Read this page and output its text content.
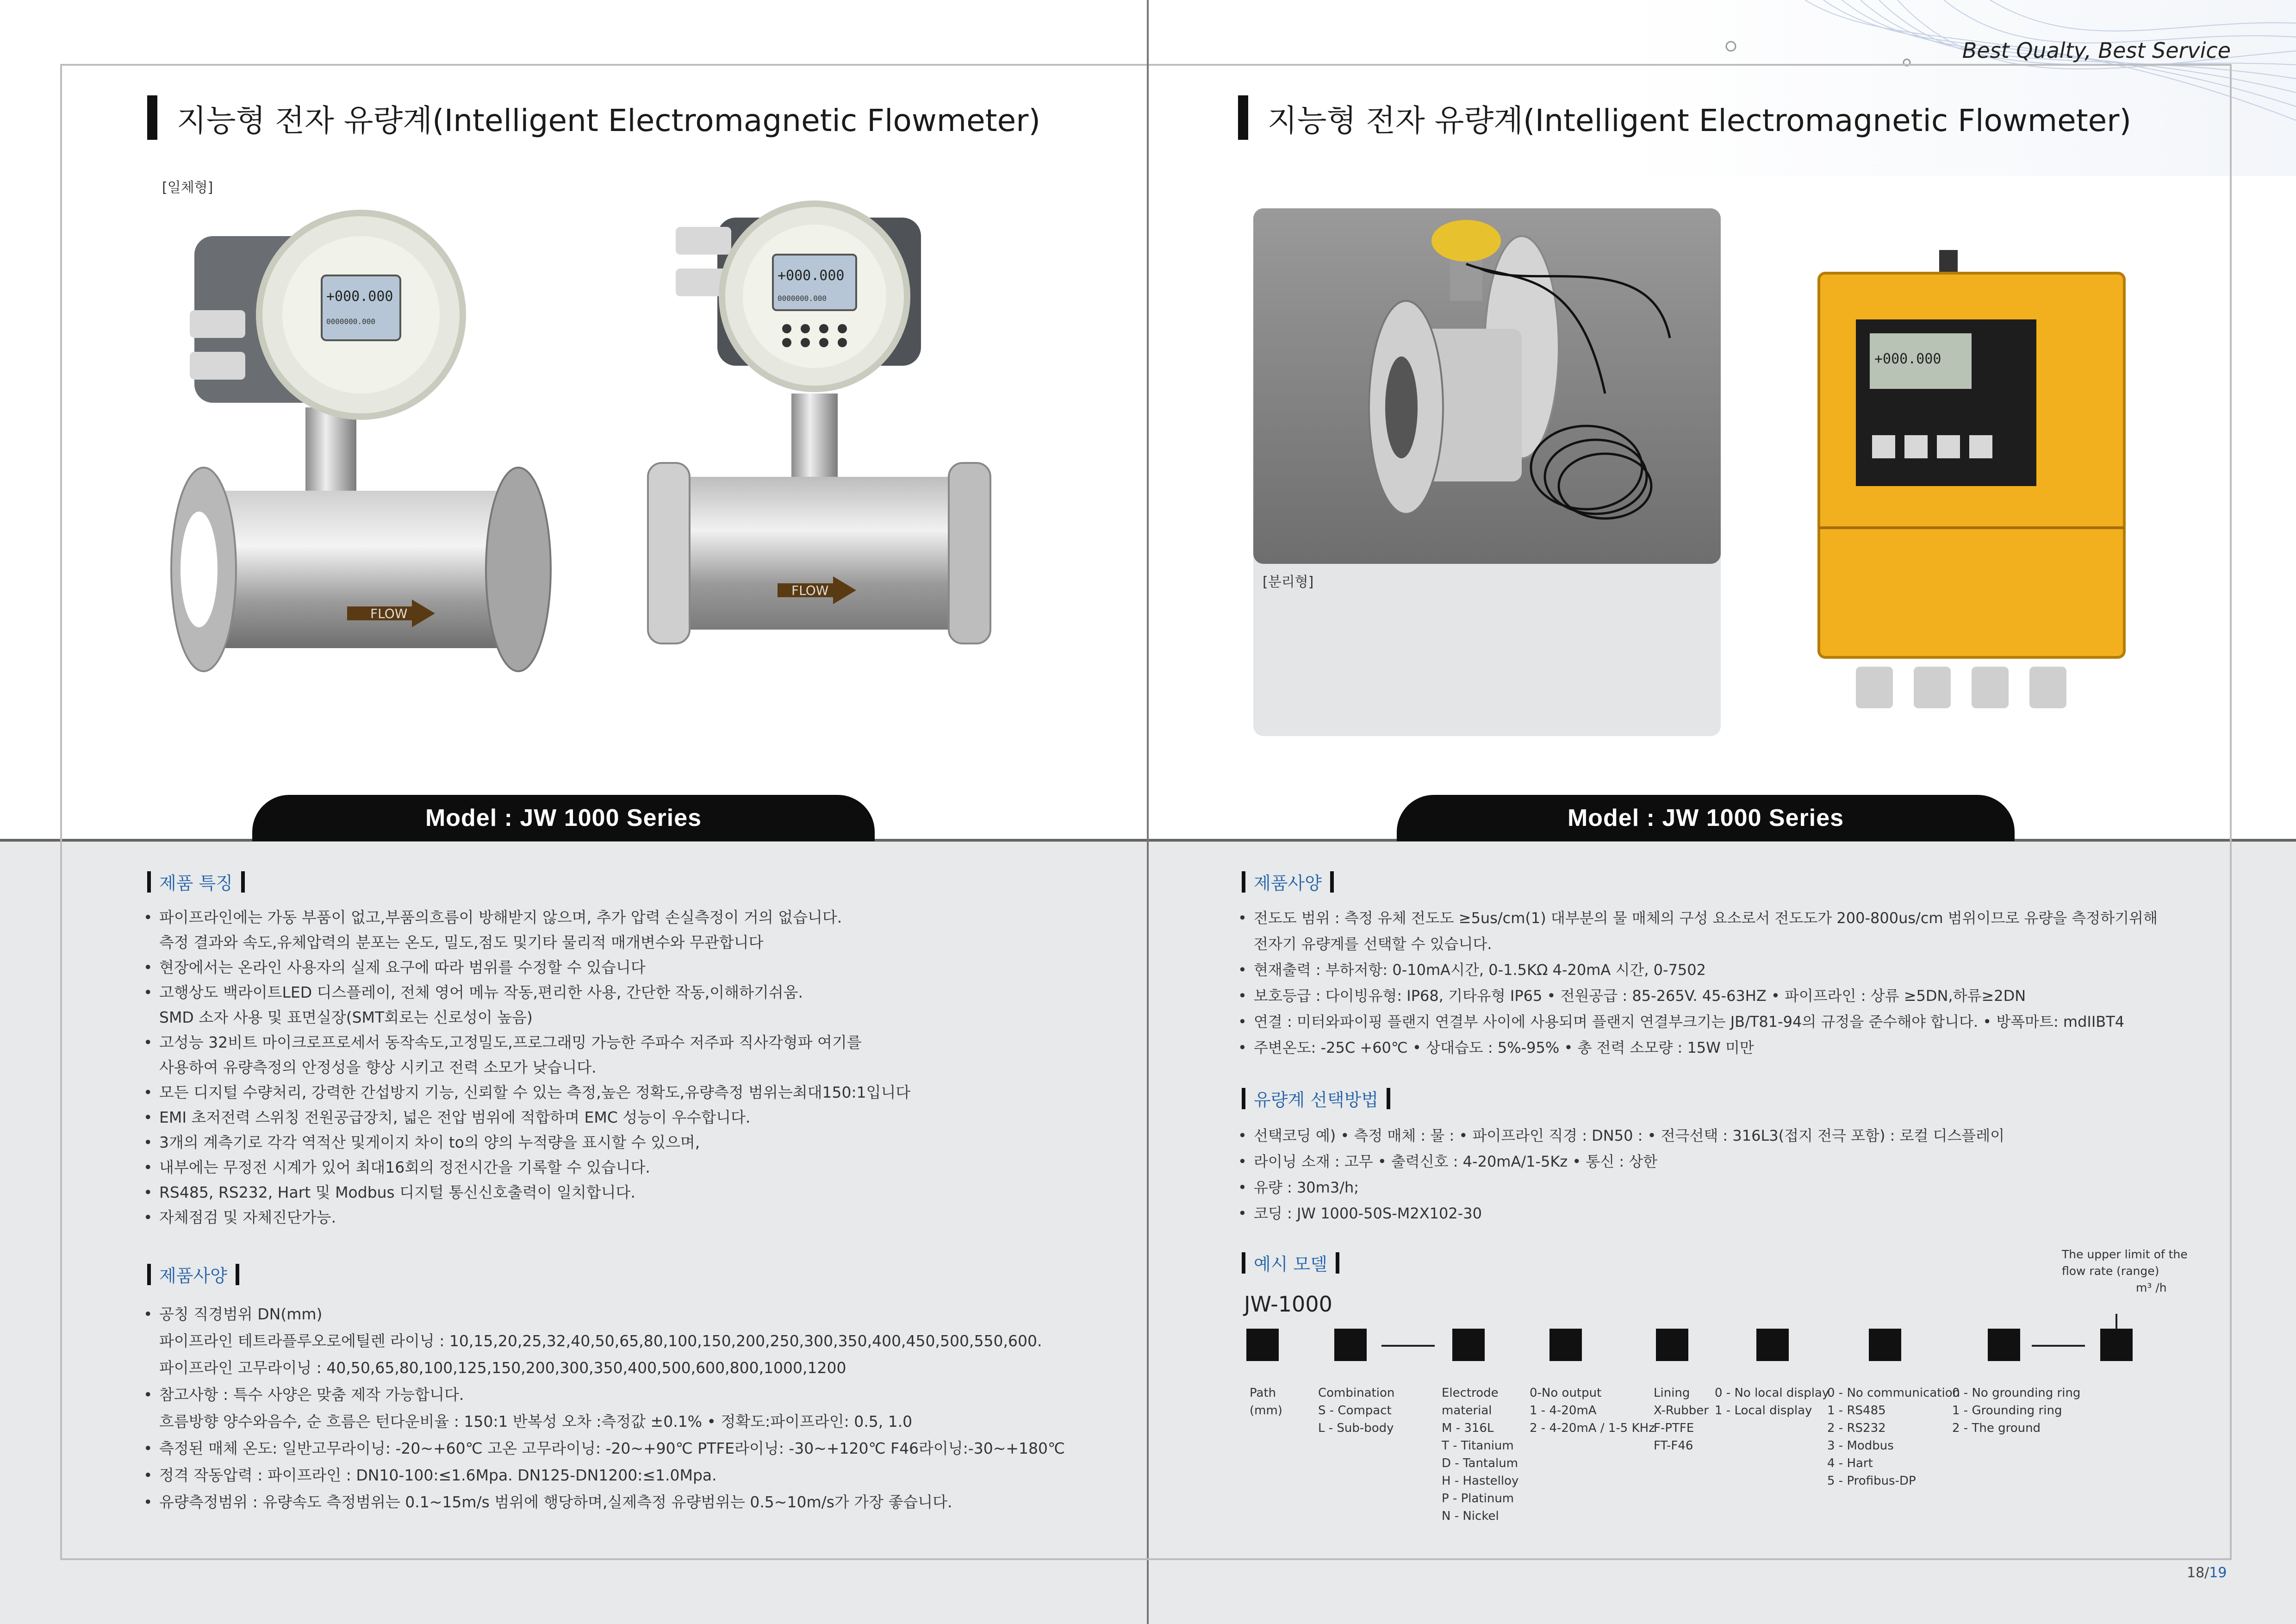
Best Qualty, Best Service
지능형 전자 유량계(Intelligent Electromagnetic Flowmeter)
[일체형]
FLOW
+000.000
0000000.000
FLOW
+000.000
0000000.000
Model : JW 1000 Series
지능형 전자 유량계(Intelligent Electromagnetic Flowmeter)
[분리형]
+000.000
Model : JW 1000 Series
제품 특징
• 파이프라인에는 가동 부품이 없고,부품의흐름이 방해받지 않으며, 추가 압력 손실측정이 거의 없습니다.
측정 결과와 속도,유체압력의 분포는 온도, 밀도,점도 및기타 물리적 매개변수와 무관합니다
• 현장에서는 온라인 사용자의 실제 요구에 따라 범위를 수정할 수 있습니다
• 고행상도 백라이트LED 디스플레이, 전체 영어 메뉴 작동,편리한 사용, 간단한 작동,이해하기쉬움.
SMD 소자 사용 및 표면실장(SMT회로는 신로성이 높음)
• 고성능 32비트 마이크로프로세서 동작속도,고정밀도,프로그래밍 가능한 주파수 저주파 직사각형파 여기를
사용하여 유량측정의 안정성을 향상 시키고 전력 소모가 낮습니다.
• 모든 디지털 수량처리, 강력한 간섭방지 기능, 신뢰할 수 있는 측정,높은 정확도,유량측정 범위는최대150:1입니다
• EMI 초저전력 스위칭 전원공급장치, 넓은 전압 범위에 적합하며 EMC 성능이 우수합니다.
• 3개의 계측기로 각각 역적산 및게이지 차이 to의 양의 누적량을 표시할 수 있으며,
• 내부에는 무정전 시계가 있어 최대16회의 정전시간을 기록할 수 있습니다.
• RS485, RS232, Hart 및 Modbus 디지털 통신신호출력이 일치합니다.
• 자체점검 및 자체진단가능.
제품사양
• 공칭 직경범위 DN(mm)
파이프라인 테트라플루오로에틸렌 라이닝 : 10,15,20,25,32,40,50,65,80,100,150,200,250,300,350,400,450,500,550,600.
파이프라인 고무라이닝 : 40,50,65,80,100,125,150,200,300,350,400,500,600,800,1000,1200
• 참고사항 : 특수 사양은 맞춤 제작 가능합니다.
흐름방향 양수와음수, 순 흐름은 턴다운비율 : 150:1 반복성 오차 :측정값 ±0.1% • 정확도:파이프라인: 0.5, 1.0
• 측정된 매체 온도: 일반고무라이닝: -20~+60℃ 고온 고무라이닝: -20~+90℃ PTFE라이닝: -30~+120℃ F46라이닝:-30~+180℃
• 정격 작동압력 : 파이프라인 : DN10-100:≤1.6Mpa. DN125-DN1200:≤1.0Mpa.
• 유량측정범위 : 유량속도 측정범위는 0.1~15m/s 범위에 행당하며,실제측정 유량범위는 0.5~10m/s가 가장 좋습니다.
제품사양
• 전도도 범위 : 측정 유체 전도도 ≥5us/cm(1) 대부분의 물 매체의 구성 요소로서 전도도가 200-800us/cm 범위이므로 유량을 측정하기위해
전자기 유량계를 선택할 수 있습니다.
• 현재출력 : 부하저항: 0-10mA시간, 0-1.5KΩ 4-20mA 시간, 0-7502
• 보호등급 : 다이빙유형: IP68, 기타유형 IP65 • 전원공급 : 85-265V. 45-63HZ • 파이프라인 : 상류 ≥5DN,하류≥2DN
• 연결 : 미터와파이핑 플랜지 연결부 사이에 사용되며 플랜지 연결부크기는 JB/T81-94의 규정을 준수해야 합니다. • 방폭마트: mdIIBT4
• 주변온도: -25C +60℃ • 상대습도 : 5%-95% • 총 전력 소모량 : 15W 미만
유량계 선택방법
• 선택코딩 예) • 측정 매체 : 물 : • 파이프라인 직경 : DN50 : • 전극선택 : 316L3(접지 전극 포함) : 로컬 디스플레이
• 라이닝 소재 : 고무 • 출력신호 : 4-20mA/1-5Kz • 통신 : 상한
• 유량 : 30m3/h;
• 코딩 : JW 1000-50S-M2X102-30
예시 모델
JW-1000
The upper limit of the
flow rate (range)
m³ /h
Path
(mm)
Combination
S - Compact
L - Sub-body
Electrode
material
M - 316L
T - Titanium
D - Tantalum
H - Hastelloy
P - Platinum
N - Nickel
0-No output
1 - 4-20mA
2 - 4-20mA / 1-5 KHz
Lining
X-Rubber
F-PTFE
FT-F46
0 - No local display
1 - Local display
0 - No communication
1 - RS485
2 - RS232
3 - Modbus
4 - Hart
5 - Profibus-DP
0 - No grounding ring
1 - Grounding ring
2 - The ground
18/19
